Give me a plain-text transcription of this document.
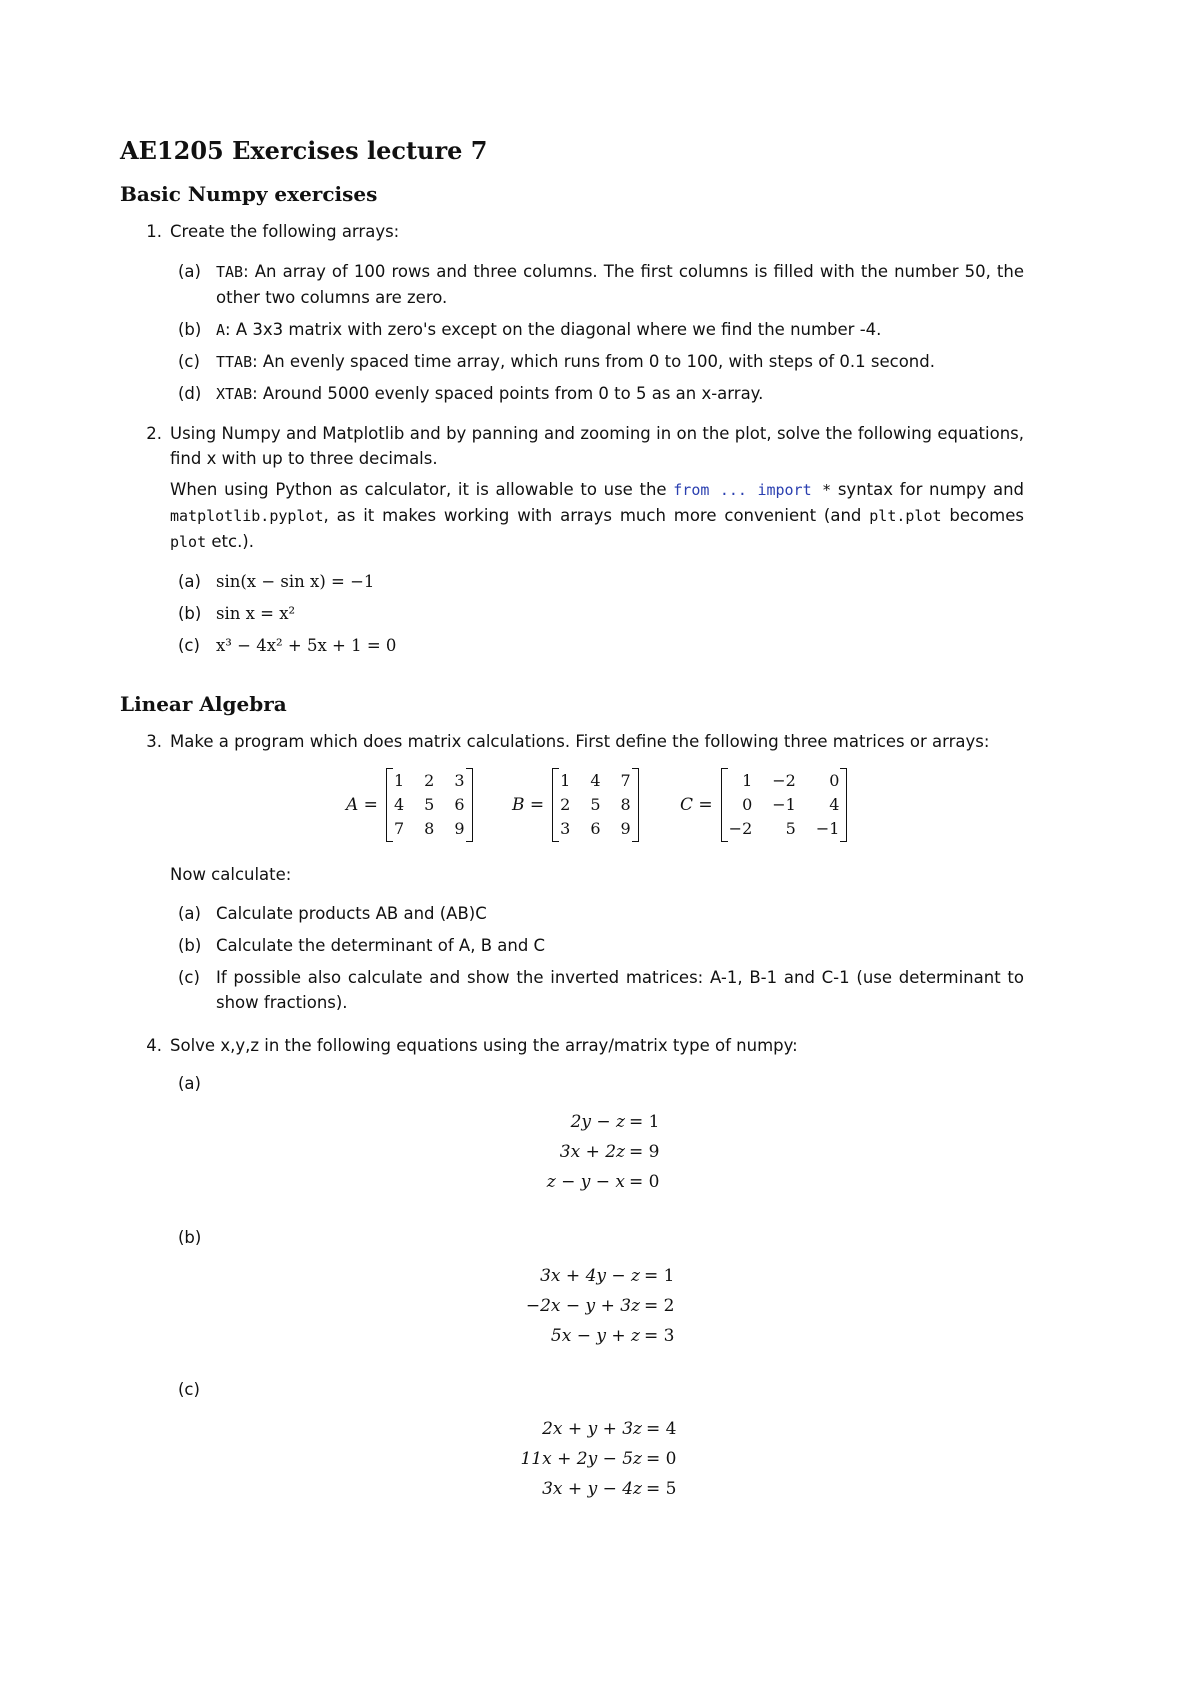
AE1205 Exercises lecture 7
Basic Numpy exercises
1. Create the following arrays:
(a)	TAB: An array of 100 rows and three columns. The first columns is filled with the number 50, the other two columns are zero.
(b) A: A 3x3 matrix with zero's except on the diagonal where we find the number -4.
(c)	TTAB: An evenly spaced time array, which runs from 0 to 100, with steps of 0.1 second.
(d) XTAB: Around 5000 evenly spaced points from 0 to 5 as an x-array.
2. Using Numpy and Matplotlib and by panning and zooming in on the plot, solve the following equations, find x with up to three decimals.
When using Python as calculator, it is allowable to use the from ... import * syntax for numpy and matplotlib.pyplot, as it makes working with arrays much more convenient (and plt.plot becomes plot etc.).
(a) sin(x − sin x) = −1
(b) sin x = x²
(c) x³ − 4x² + 5x + 1 = 0
Linear Algebra
3. Make a program which does matrix calculations. First define the following three matrices or arrays:
A =
1 2 3
4 5 6
7 8 9
B =
1 4 7
2 5 8
3 6 9
C =
1 −2	0
0 −1	4
−2	5 −1
Now calculate:
(a) Calculate products AB and (AB)C
(b) Calculate the determinant of A, B and C
(c) If possible also calculate and show the inverted matrices: A-1, B-1 and C-1 (use determinant to show fractions).
4. Solve x,y,z in the following equations using the array/matrix type of numpy:
(a)
2y − z = 1
3x + 2z = 9
z − y − x = 0
(b)
3x + 4y − z = 1
−2x − y + 3z = 2
5x − y + z = 3
(c)
2x + y + 3z = 4
11x + 2y − 5z = 0
3x + y − 4z = 5
